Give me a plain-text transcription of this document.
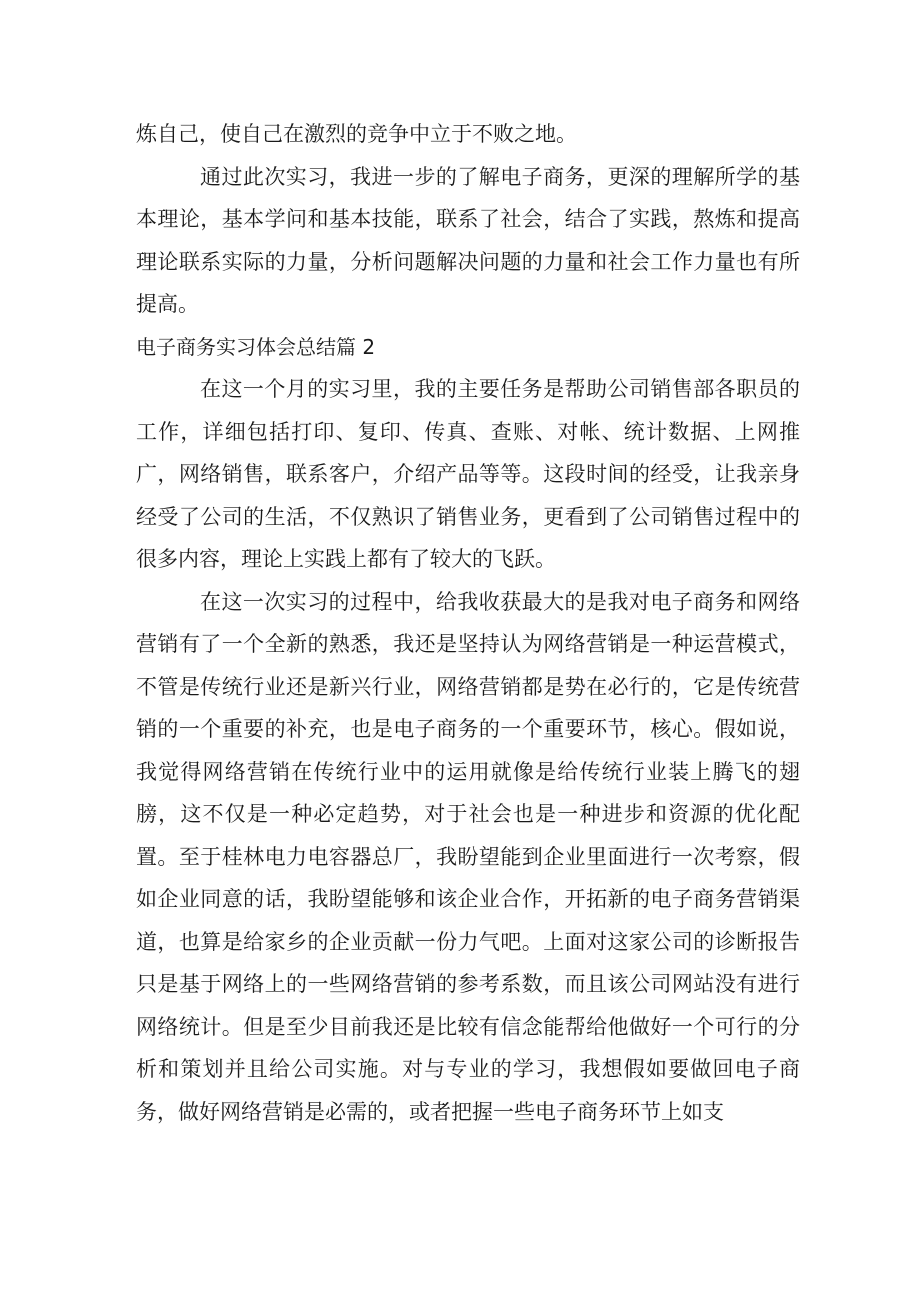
炼自己，使自己在激烈的竞争中立于不败之地。

通过此次实习，我进一步的了解电子商务，更深的理解所学的基本理论，基本学问和基本技能，联系了社会，结合了实践，熬炼和提高理论联系实际的力量，分析问题解决问题的力量和社会工作力量也有所提高。

电子商务实习体会总结篇 2

在这一个月的实习里，我的主要任务是帮助公司销售部各职员的工作，详细包括打印、复印、传真、查账、对帐、统计数据、上网推广，网络销售，联系客户，介绍产品等等。这段时间的经受，让我亲身经受了公司的生活，不仅熟识了销售业务，更看到了公司销售过程中的很多内容，理论上实践上都有了较大的飞跃。

在这一次实习的过程中，给我收获最大的是我对电子商务和网络营销有了一个全新的熟悉，我还是坚持认为网络营销是一种运营模式，不管是传统行业还是新兴行业，网络营销都是势在必行的，它是传统营销的一个重要的补充，也是电子商务的一个重要环节，核心。假如说，我觉得网络营销在传统行业中的运用就像是给传统行业装上腾飞的翅膀，这不仅是一种必定趋势，对于社会也是一种进步和资源的优化配置。至于桂林电力电容器总厂，我盼望能到企业里面进行一次考察，假如企业同意的话，我盼望能够和该企业合作，开拓新的电子商务营销渠道，也算是给家乡的企业贡献一份力气吧。上面对这家公司的诊断报告只是基于网络上的一些网络营销的参考系数，而且该公司网站没有进行网络统计。但是至少目前我还是比较有信念能帮给他做好一个可行的分析和策划并且给公司实施。对与专业的学习，我想假如要做回电子商务，做好网络营销是必需的，或者把握一些电子商务环节上如支
